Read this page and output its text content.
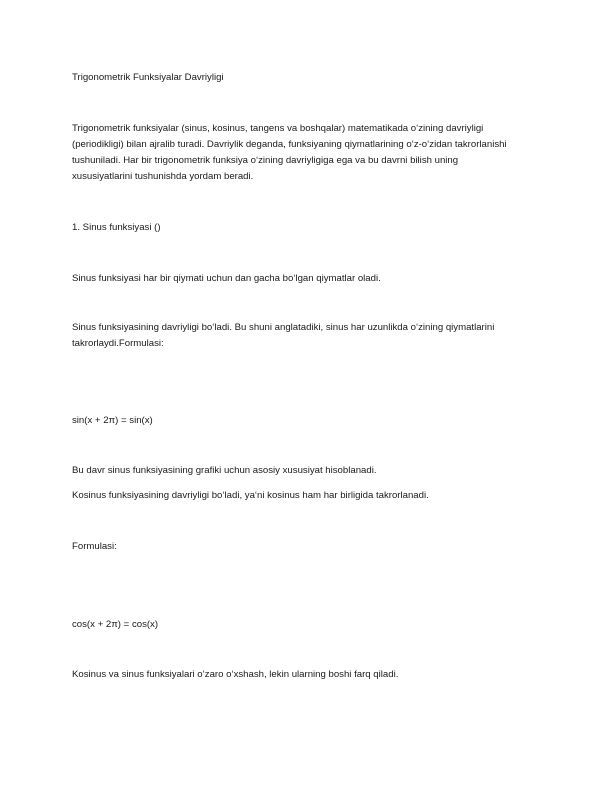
Trigonometrik Funksiyalar Davriyligi

Trigonometrik funksiyalar (sinus, kosinus, tangens va boshqalar) matematikada o‘zining davriyligi
(periodikligi) bilan ajralib turadi. Davriylik deganda, funksiyaning qiymatlarining o‘z-o‘zidan takrorlanishi
tushuniladi. Har bir trigonometrik funksiya o‘zining davriyligiga ega va bu davrni bilish uning
xususiyatlarini tushunishda yordam beradi.

1. Sinus funksiyasi ()

Sinus funksiyasi har bir qiymati uchun dan gacha bo‘lgan qiymatlar oladi.

Sinus funksiyasining davriyligi bo‘ladi. Bu shuni anglatadiki, sinus har uzunlikda o‘zining qiymatlarini
takrorlaydi.Formulasi:

sin(x + 2π) = sin(x)

Bu davr sinus funksiyasining grafiki uchun asosiy xususiyat hisoblanadi.

Kosinus funksiyasining davriyligi bo‘ladi, ya‘ni kosinus ham har birligida takrorlanadi.

Formulasi:

cos(x + 2π) = cos(x)

Kosinus va sinus funksiyalari o‘zaro o‘xshash, lekin ularning boshi farq qiladi.
